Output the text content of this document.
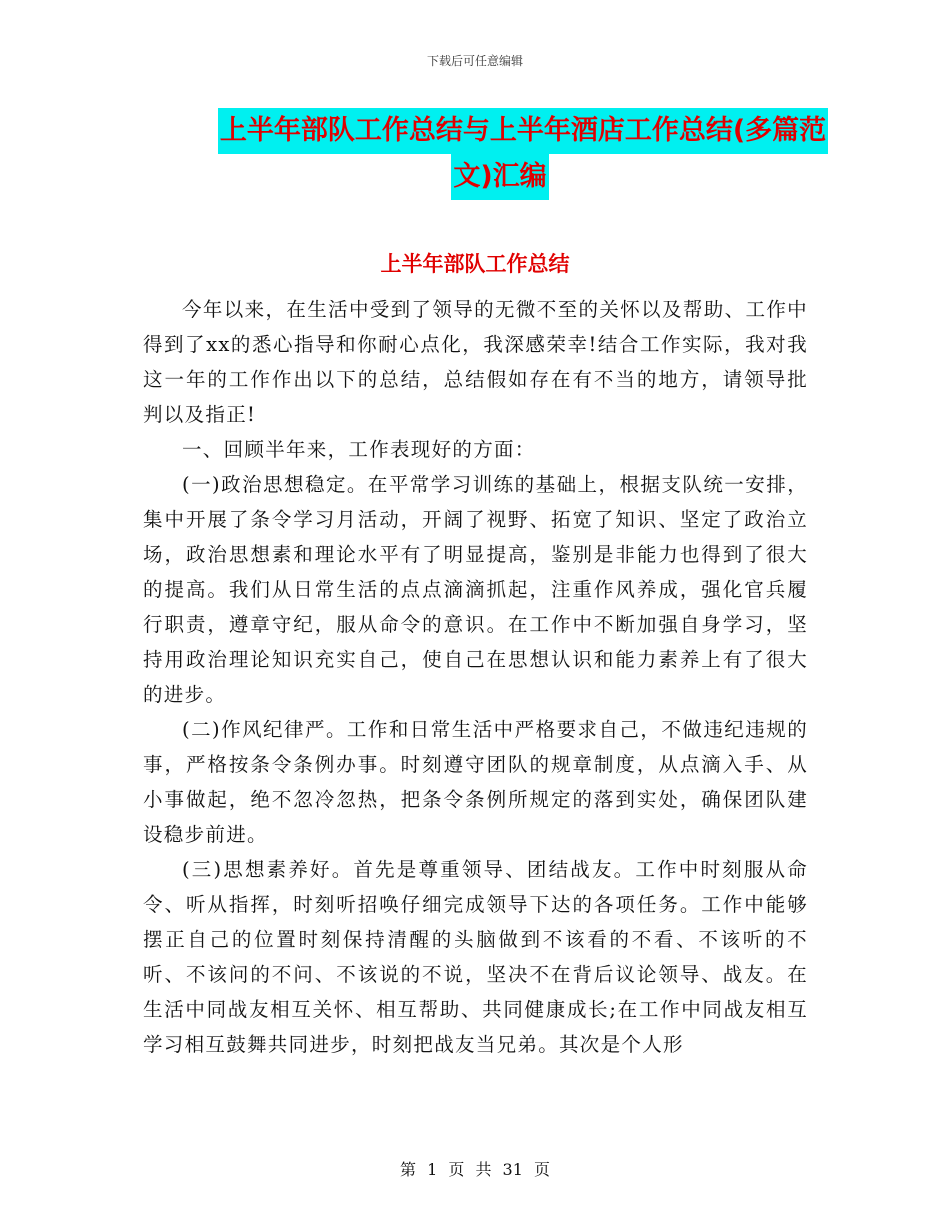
下载后可任意编辑
上半年部队工作总结与上半年酒店工作总结(多篇范
文)汇编
上半年部队工作总结

今年以来，在生活中受到了领导的无微不至的关怀以及帮助、工作中得到了xx的悉心指导和你耐心点化，我深感荣幸!结合工作实际，我对我这一年的工作作出以下的总结，总结假如存在有不当的地方，请领导批判以及指正!

一、回顾半年来，工作表现好的方面：

(一)政治思想稳定。在平常学习训练的基础上，根据支队统一安排，集中开展了条令学习月活动，开阔了视野、拓宽了知识、坚定了政治立场，政治思想素和理论水平有了明显提高，鉴别是非能力也得到了很大的提高。我们从日常生活的点点滴滴抓起，注重作风养成，强化官兵履行职责，遵章守纪，服从命令的意识。在工作中不断加强自身学习，坚持用政治理论知识充实自己，使自己在思想认识和能力素养上有了很大的进步。

(二)作风纪律严。工作和日常生活中严格要求自己，不做违纪违规的事，严格按条令条例办事。时刻遵守团队的规章制度，从点滴入手、从小事做起，绝不忽冷忽热，把条令条例所规定的落到实处，确保团队建设稳步前进。

(三)思想素养好。首先是尊重领导、团结战友。工作中时刻服从命令、听从指挥，时刻听招唤仔细完成领导下达的各项任务。工作中能够摆正自己的位置时刻保持清醒的头脑做到不该看的不看、不该听的不听、不该问的不问、不该说的不说，坚决不在背后议论领导、战友。在生活中同战友相互关怀、相互帮助、共同健康成长;在工作中同战友相互学习相互鼓舞共同进步，时刻把战友当兄弟。其次是个人形

第 1 页 共 31 页
